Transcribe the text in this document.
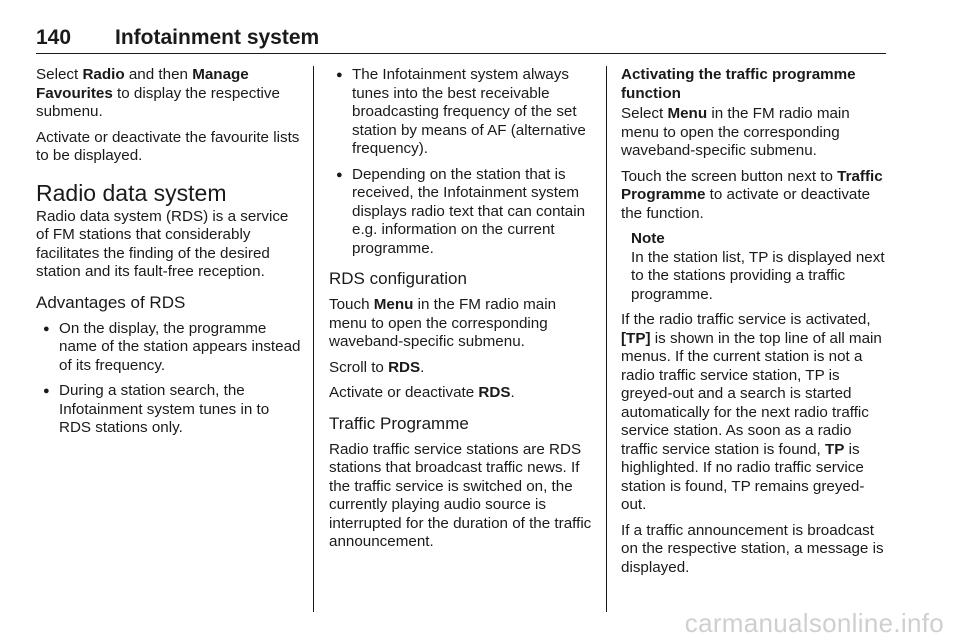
140 Infotainment system

Select Radio and then Manage Favourites to display the respective submenu.

Activate or deactivate the favourite lists to be displayed.

Radio data system

Radio data system (RDS) is a service of FM stations that considerably facilitates the finding of the desired station and its fault-free reception.

Advantages of RDS
● On the display, the programme name of the station appears instead of its frequency.
● During a station search, the Infotainment system tunes in to RDS stations only.
● The Infotainment system always tunes into the best receivable broadcasting frequency of the set station by means of AF (alternative frequency).
● Depending on the station that is received, the Infotainment system displays radio text that can contain e.g. information on the current programme.
RDS configuration

Touch Menu in the FM radio main menu to open the corresponding waveband-specific submenu.

Scroll to RDS.

Activate or deactivate RDS.

Traffic Programme

Radio traffic service stations are RDS stations that broadcast traffic news. If the traffic service is switched on, the currently playing audio source is interrupted for the duration of the traffic announcement.

Activating the traffic programme function

Select Menu in the FM radio main menu to open the corresponding waveband-specific submenu.

Touch the screen button next to Traffic Programme to activate or deactivate the function.

Note
In the station list, TP is displayed next to the stations providing a traffic programme.

If the radio traffic service is activated, [TP] is shown in the top line of all main menus. If the current station is not a radio traffic service station, TP is greyed-out and a search is started automatically for the next radio traffic service station. As soon as a radio traffic service station is found, TP is highlighted. If no radio traffic service station is found, TP remains greyed-out.

If a traffic announcement is broadcast on the respective station, a message is displayed.

carmanualsonline.info
